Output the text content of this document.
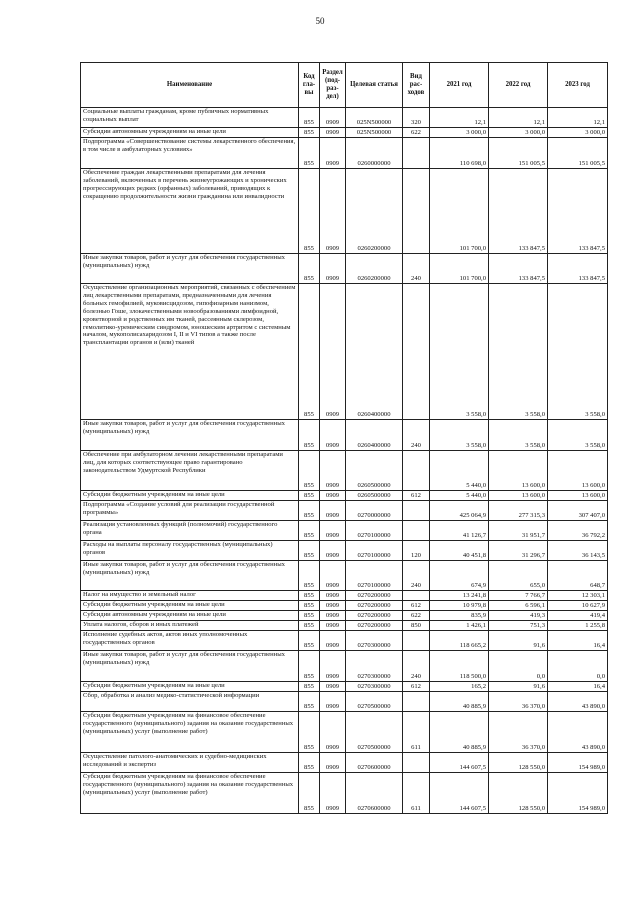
50
Наименование	Код гла-вы	Раздел (под-раз-дел)	Целевая статья	Вид рас-ходов	2021 год	2022 год	2023 год
Социальные выплаты гражданам, кроме публичных нормативных социальных выплат	855	0909	025N500000	320	12,1	12,1	12,1
Субсидии автономным учреждениям на иные цели	855	0909	025N500000	622	3 000,0	3 000,0	3 000,0
Подпрограмма «Совершенствование системы лекарственного обеспечения, в том числе в амбулаторных условиях»	855	0909	0260000000		110 698,0	151 005,5	151 005,5
Обеспечение граждан лекарственными препаратами для лечения заболеваний, включенных в перечень жизнеугрожающих и хронических прогрессирующих редких (орфанных) заболеваний, приводящих к сокращению продолжительности жизни гражданина или инвалидности	855	0909	0260200000		101 700,0	133 847,5	133 847,5
Иные закупки товаров, работ и услуг для обеспечения государственных (муниципальных) нужд	855	0909	0260200000	240	101 700,0	133 847,5	133 847,5
Осуществление организационных мероприятий, связанных с обеспечением лиц лекарственными препаратами, предназначенными для лечения больных гемофилией, муковисцидозом, гипофизарным нанизмом, болезнью Гоше, злокачественными новообразованиями лимфоидной, кроветворной и родственных им тканей, рассеянным склерозом, гемолитико-уремическим синдромом, юношеским артритом с системным началом, мукополисахаридозом I, II и VI типов а также после трансплантации органов и (или) тканей	855	0909	0260400000		3 558,0	3 558,0	3 558,0
Иные закупки товаров, работ и услуг для обеспечения государственных (муниципальных) нужд	855	0909	0260400000	240	3 558,0	3 558,0	3 558,0
Обеспечение при амбулаторном лечении лекарственными препаратами лиц, для которых соответствующее право гарантировано законодательством Удмуртской Республики	855	0909	0260500000		5 440,0	13 600,0	13 600,0
Субсидии бюджетным учреждениям на иные цели	855	0909	0260500000	612	5 440,0	13 600,0	13 600,0
Подпрограмма «Создание условий для реализации государственной программы»	855	0909	0270000000		425 064,9	277 315,3	307 407,0
Реализация установленных функций (полномочий) государственного органа	855	0909	0270100000		41 126,7	31 951,7	36 792,2
Расходы на выплаты персоналу государственных (муниципальных) органов	855	0909	0270100000	120	40 451,8	31 296,7	36 143,5
Иные закупки товаров, работ и услуг для обеспечения государственных (муниципальных) нужд	855	0909	0270100000	240	674,9	655,0	648,7
Налог на имущество и земельный налог	855	0909	0270200000		13 241,8	7 766,7	12 303,1
Субсидии бюджетным учреждениям на иные цели	855	0909	0270200000	612	10 979,8	6 596,1	10 627,9
Субсидии автономным учреждениям на иные цели	855	0909	0270200000	622	835,9	419,3	419,4
Уплата налогов, сборов и иных платежей	855	0909	0270200000	850	1 426,1	751,3	1 255,8
Исполнение судебных актов, актов иных уполномоченных государственных органов	855	0909	0270300000		118 665,2	91,6	16,4
Иные закупки товаров, работ и услуг для обеспечения государственных (муниципальных) нужд	855	0909	0270300000	240	118 500,0	0,0	0,0
Субсидии бюджетным учреждениям на иные цели	855	0909	0270300000	612	165,2	91,6	16,4
Сбор, обработка и анализ медико-статистической информации	855	0909	0270500000		40 885,9	36 370,0	43 890,0
Субсидии бюджетным учреждениям на финансовое обеспечение государственного (муниципального) задания на оказание государственных (муниципальных) услуг (выполнение работ)	855	0909	0270500000	611	40 885,9	36 370,0	43 890,0
Осуществление патолого-анатомических и судебно-медицинских исследований и экспертиз	855	0909	0270600000		144 607,5	128 550,0	154 989,0
Субсидии бюджетным учреждениям на финансовое обеспечение государственного (муниципального) задания на оказание государственных (муниципальных) услуг (выполнение работ)	855	0909	0270600000	611	144 607,5	128 550,0	154 989,0
